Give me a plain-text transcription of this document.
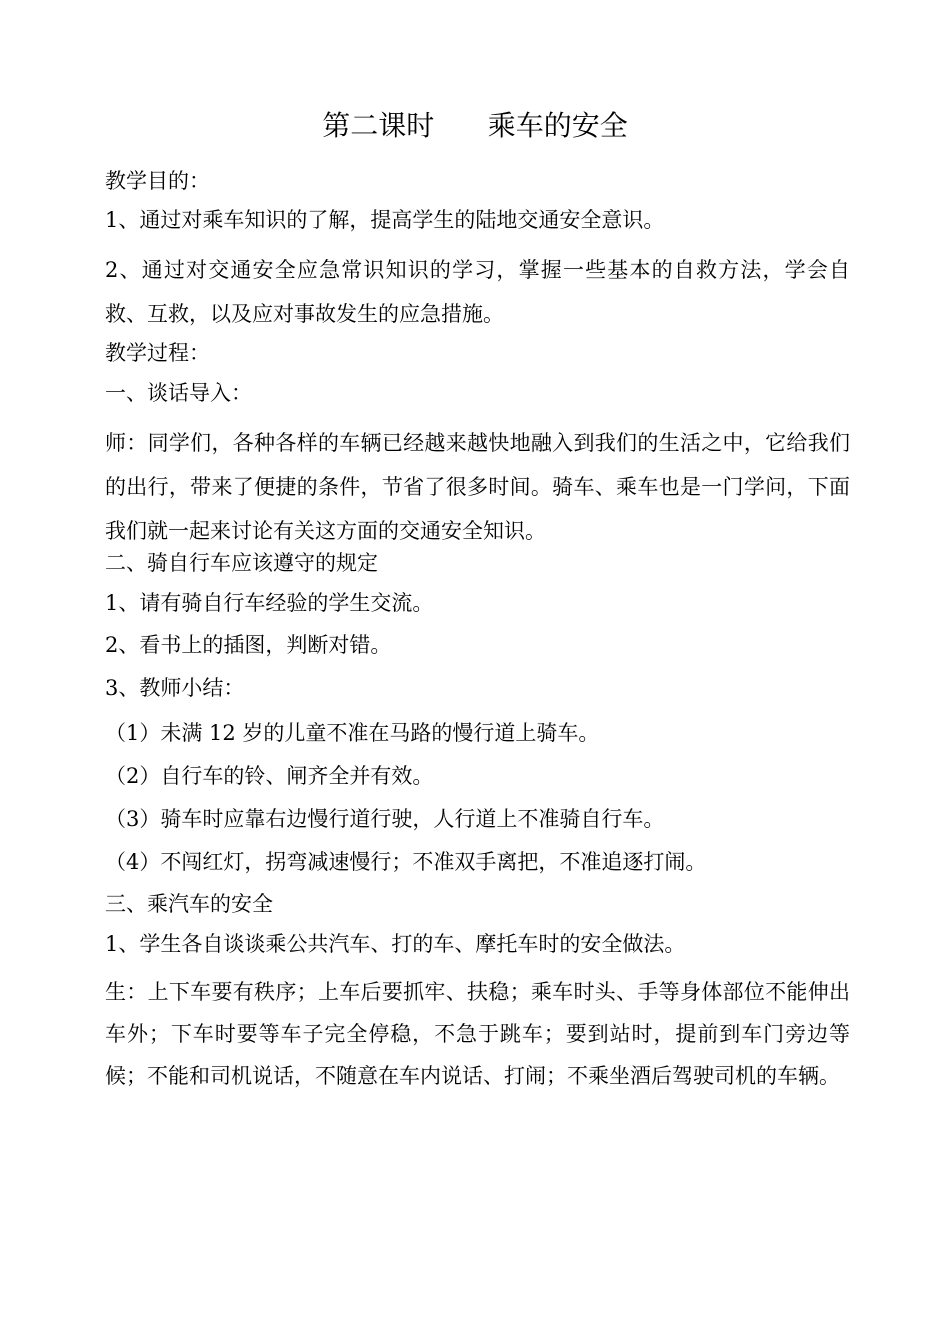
第二课时      乘车的安全
教学目的：
1、通过对乘车知识的了解，提高学生的陆地交通安全意识。
2、通过对交通安全应急常识知识的学习，掌握一些基本的自救方法，学会自救、互救，以及应对事故发生的应急措施。
教学过程：
一、谈话导入：
师：同学们，各种各样的车辆已经越来越快地融入到我们的生活之中，它给我们的出行，带来了便捷的条件，节省了很多时间。骑车、乘车也是一门学问，下面我们就一起来讨论有关这方面的交通安全知识。
二、骑自行车应该遵守的规定
1、请有骑自行车经验的学生交流。
2、看书上的插图，判断对错。
3、教师小结：
（1）未满 12 岁的儿童不准在马路的慢行道上骑车。
（2）自行车的铃、闸齐全并有效。
（3）骑车时应靠右边慢行道行驶，人行道上不准骑自行车。
（4）不闯红灯，拐弯减速慢行；不准双手离把，不准追逐打闹。
三、乘汽车的安全
1、学生各自谈谈乘公共汽车、打的车、摩托车时的安全做法。
生：上下车要有秩序；上车后要抓牢、扶稳；乘车时头、手等身体部位不能伸出车外；下车时要等车子完全停稳，不急于跳车；要到站时，提前到车门旁边等候；不能和司机说话，不随意在车内说话、打闹；不乘坐酒后驾驶司机的车辆。
